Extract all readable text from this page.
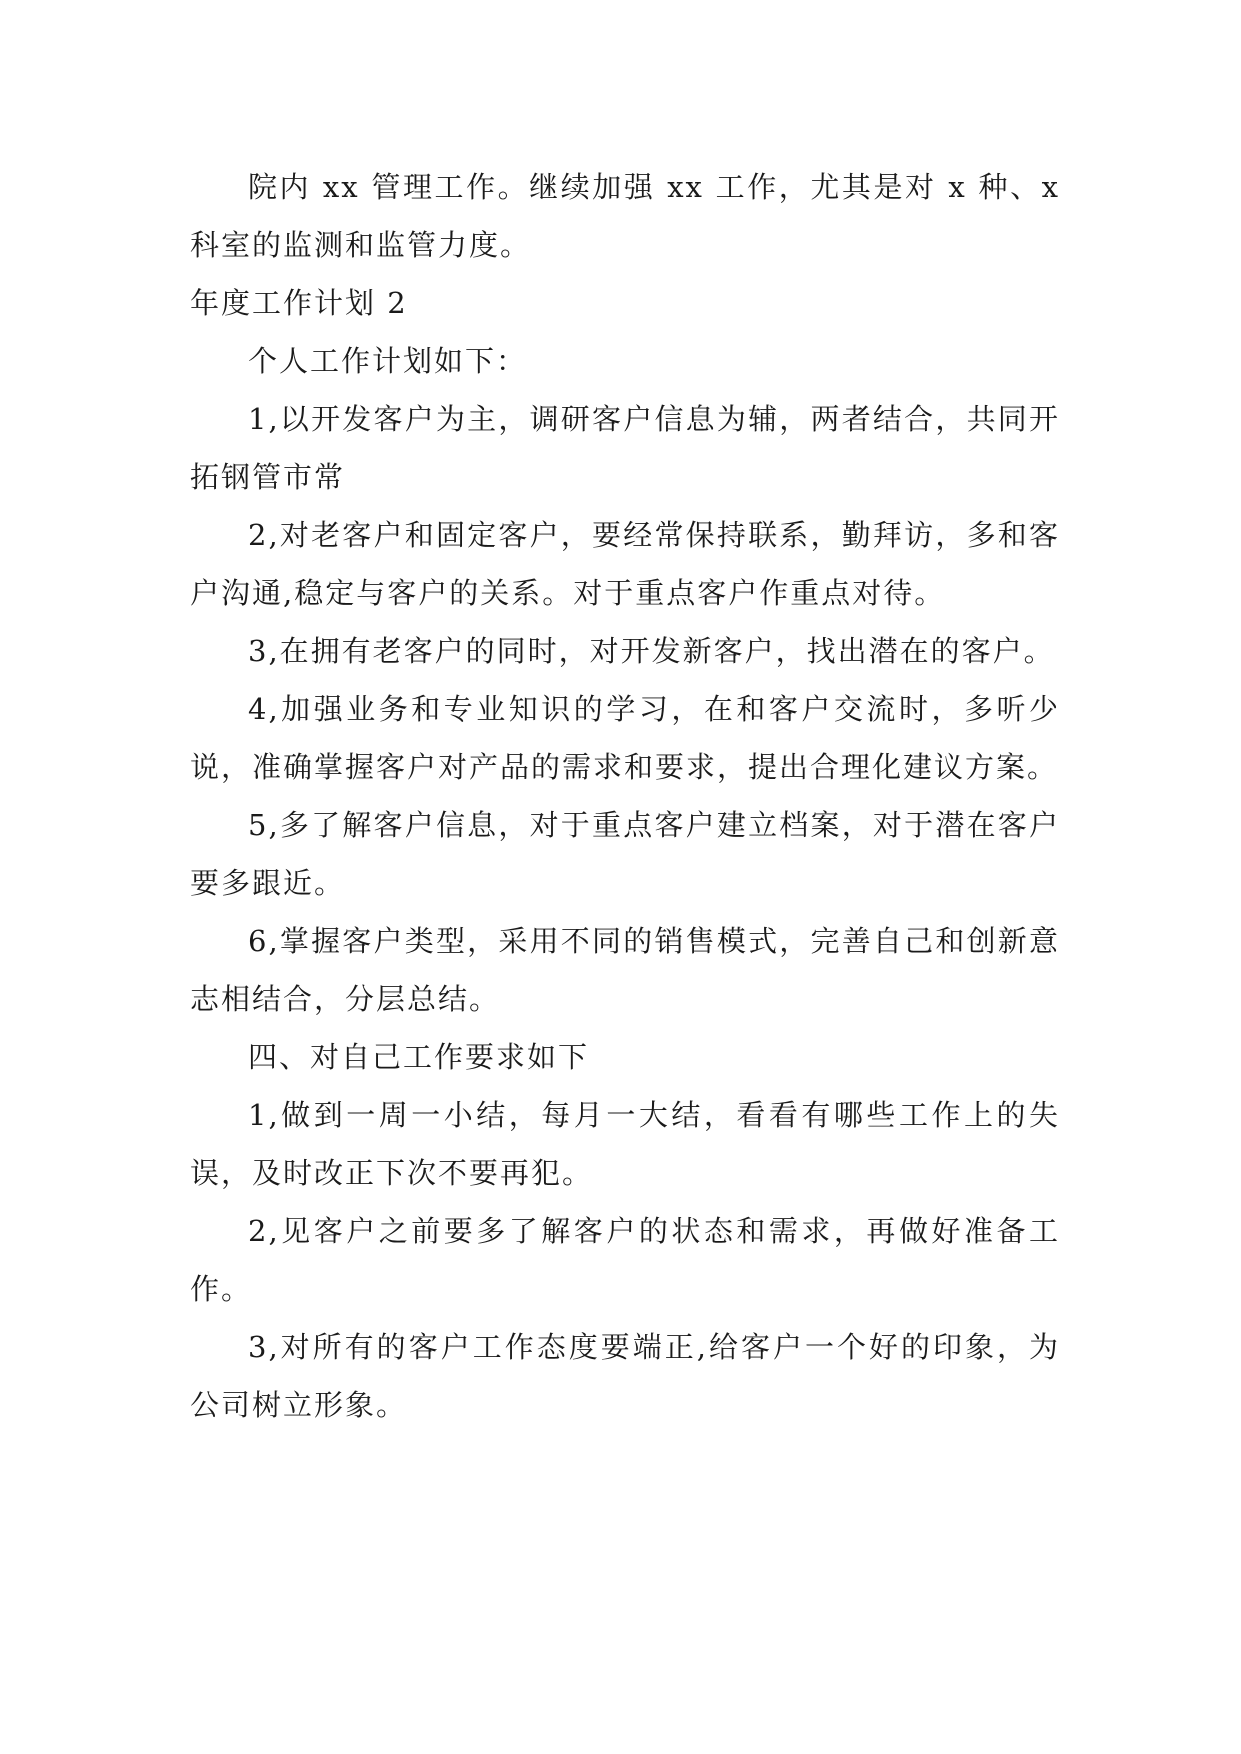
院内 xx 管理工作。继续加强 xx 工作，尤其是对 x 种、x 科室的监测和监管力度。

年度工作计划 2

个人工作计划如下：

1,以开发客户为主，调研客户信息为辅，两者结合，共同开拓钢管市常

2,对老客户和固定客户，要经常保持联系，勤拜访，多和客户沟通,稳定与客户的关系。对于重点客户作重点对待。

3,在拥有老客户的同时，对开发新客户，找出潜在的客户。

4,加强业务和专业知识的学习，在和客户交流时，多听少说，准确掌握客户对产品的需求和要求，提出合理化建议方案。

5,多了解客户信息，对于重点客户建立档案，对于潜在客户要多跟近。

6,掌握客户类型，采用不同的销售模式，完善自己和创新意志相结合，分层总结。

四、对自己工作要求如下

1,做到一周一小结，每月一大结，看看有哪些工作上的失误，及时改正下次不要再犯。

2,见客户之前要多了解客户的状态和需求，再做好准备工作。

3,对所有的客户工作态度要端正,给客户一个好的印象，为公司树立形象。
